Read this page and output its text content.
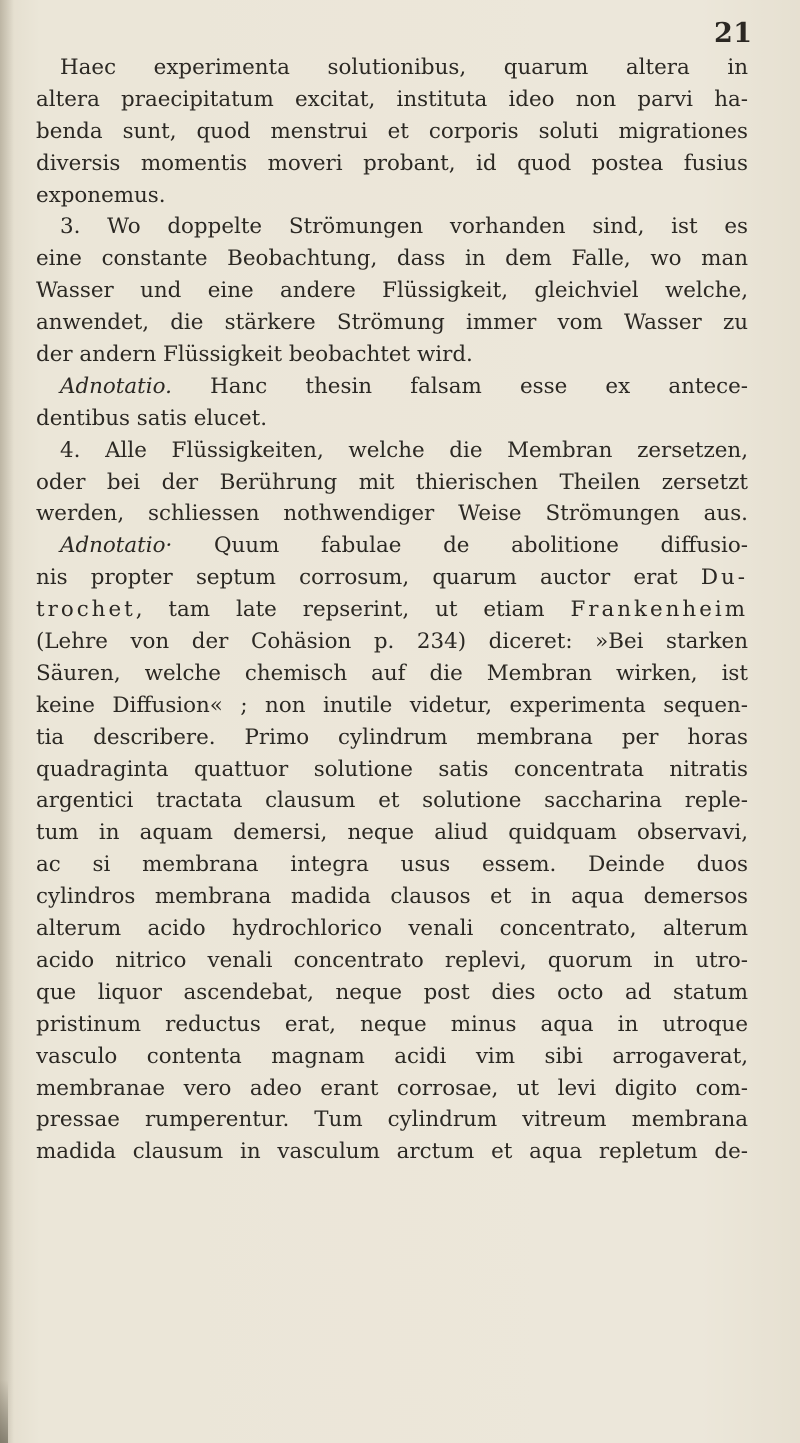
21
Haec experimenta solutionibus, quarum altera in
altera praecipitatum excitat, instituta ideo non parvi ha-
benda sunt, quod menstrui et corporis soluti migrationes
diversis momentis moveri probant, id quod postea fusius
exponemus.
3. Wo doppelte Strömungen vorhanden sind, ist es
eine constante Beobachtung, dass in dem Falle, wo man
Wasser und eine andere Flüssigkeit, gleichviel welche,
anwendet, die stärkere Strömung immer vom Wasser zu
der andern Flüssigkeit beobachtet wird.
Adnotatio. Hanc thesin falsam esse ex antece-
dentibus satis elucet.
4. Alle Flüssigkeiten, welche die Membran zersetzen,
oder bei der Berührung mit thierischen Theilen zersetzt
werden, schliessen nothwendiger Weise Strömungen aus.
Adnotatio· Quum fabulae de abolitione diffusio-
nis propter septum corrosum, quarum auctor erat Du-
trochet, tam late repserint, ut etiam Frankenheim
(Lehre von der Cohäsion p. 234) diceret: »Bei starken
Säuren, welche chemisch auf die Membran wirken, ist
keine Diffusion« ; non inutile videtur, experimenta sequen-
tia describere. Primo cylindrum membrana per horas
quadraginta quattuor solutione satis concentrata nitratis
argentici tractata clausum et solutione saccharina reple-
tum in aquam demersi, neque aliud quidquam observavi,
ac si membrana integra usus essem. Deinde duos
cylindros membrana madida clausos et in aqua demersos
alterum acido hydrochlorico venali concentrato, alterum
acido nitrico venali concentrato replevi, quorum in utro-
que liquor ascendebat, neque post dies octo ad statum
pristinum reductus erat, neque minus aqua in utroque
vasculo contenta magnam acidi vim sibi arrogaverat,
membranae vero adeo erant corrosae, ut levi digito com-
pressae rumperentur. Tum cylindrum vitreum membrana
madida clausum in vasculum arctum et aqua repletum de-
